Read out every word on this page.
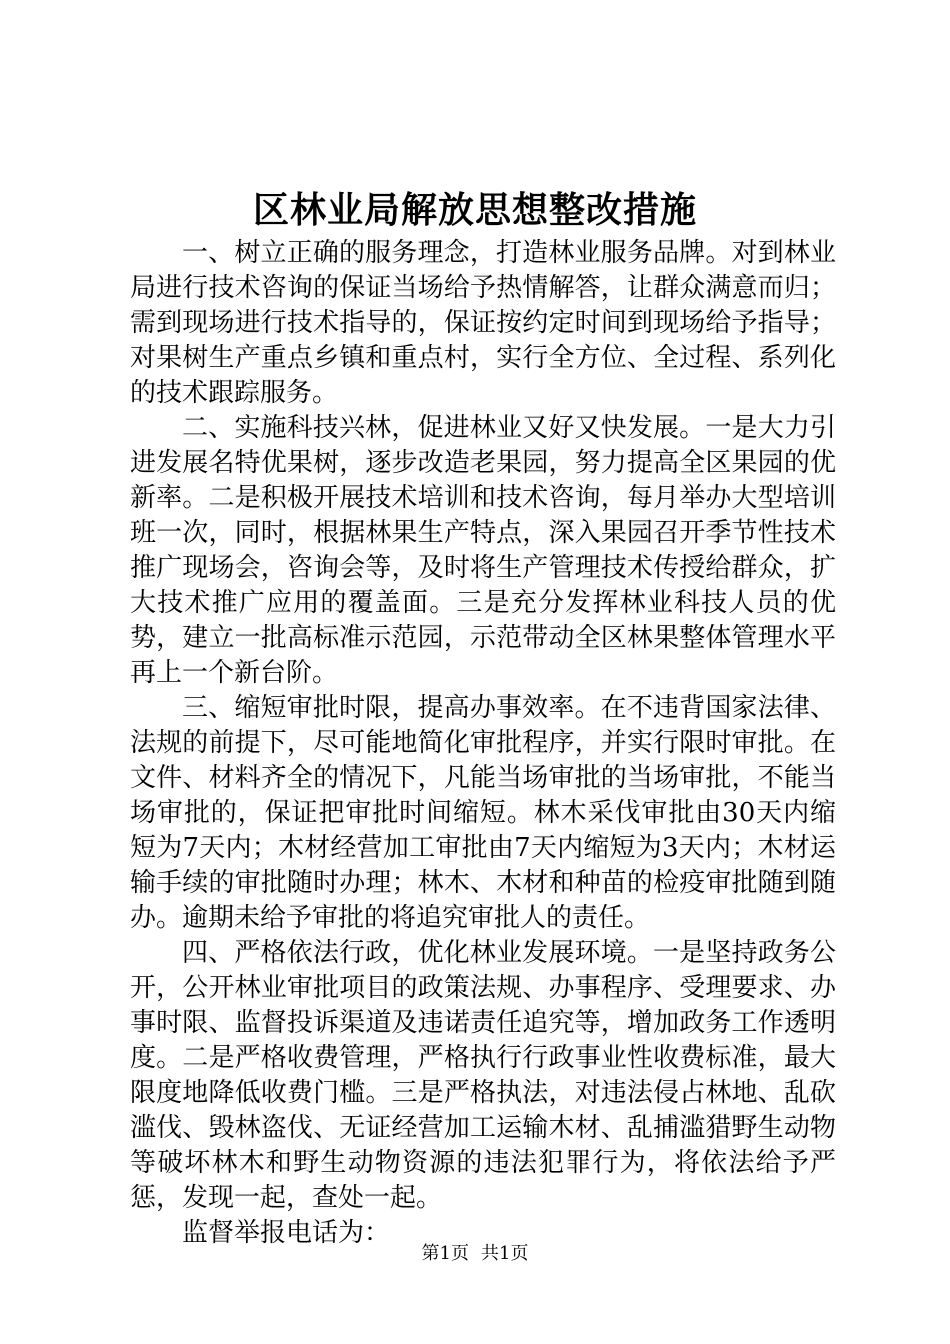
区林业局解放思想整改措施

一、树立正确的服务理念，打造林业服务品牌。对到林业局进行技术咨询的保证当场给予热情解答，让群众满意而归；需到现场进行技术指导的，保证按约定时间到现场给予指导；对果树生产重点乡镇和重点村，实行全方位、全过程、系列化的技术跟踪服务。

二、实施科技兴林，促进林业又好又快发展。一是大力引进发展名特优果树，逐步改造老果园，努力提高全区果园的优新率。二是积极开展技术培训和技术咨询，每月举办大型培训班一次，同时，根据林果生产特点，深入果园召开季节性技术推广现场会，咨询会等，及时将生产管理技术传授给群众，扩大技术推广应用的覆盖面。三是充分发挥林业科技人员的优势，建立一批高标准示范园，示范带动全区林果整体管理水平再上一个新台阶。

三、缩短审批时限，提高办事效率。在不违背国家法律、法规的前提下，尽可能地简化审批程序，并实行限时审批。在文件、材料齐全的情况下，凡能当场审批的当场审批，不能当场审批的，保证把审批时间缩短。林木采伐审批由30天内缩短为7天内；木材经营加工审批由7天内缩短为3天内；木材运输手续的审批随时办理；林木、木材和种苗的检疫审批随到随办。逾期未给予审批的将追究审批人的责任。

四、严格依法行政，优化林业发展环境。一是坚持政务公开，公开林业审批项目的政策法规、办事程序、受理要求、办事时限、监督投诉渠道及违诺责任追究等，增加政务工作透明度。二是严格收费管理，严格执行行政事业性收费标准，最大限度地降低收费门槛。三是严格执法，对违法侵占林地、乱砍滥伐、毁林盗伐、无证经营加工运输木材、乱捕滥猎野生动物等破坏林木和野生动物资源的违法犯罪行为，将依法给予严惩，发现一起，查处一起。

监督举报电话为：

第1页 共1页
